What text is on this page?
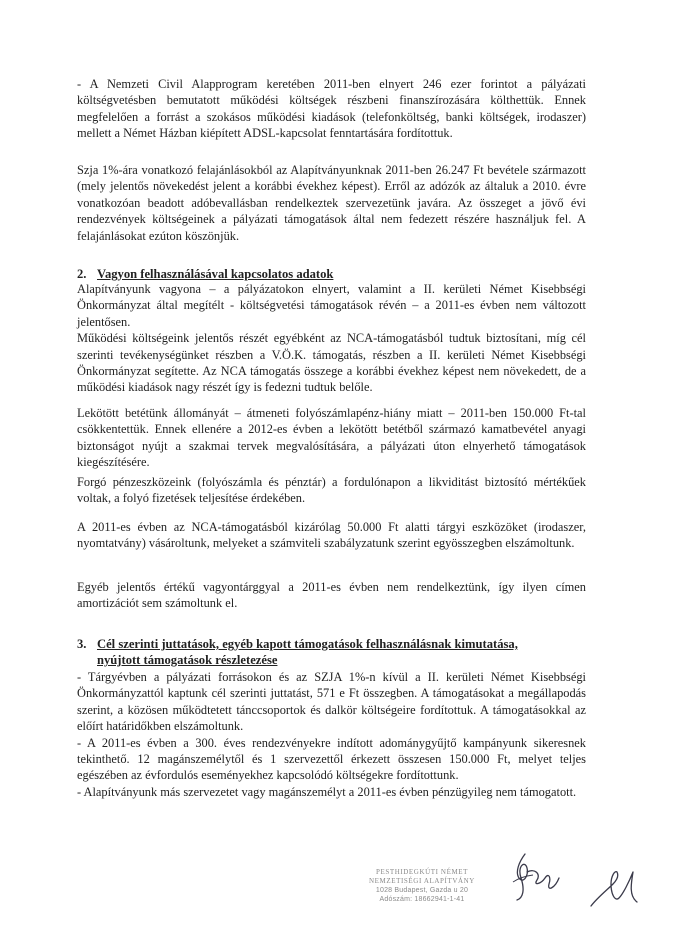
- A Nemzeti Civil Alapprogram keretében 2011-ben elnyert 246 ezer forintot a pályázati költségvetésben bemutatott működési költségek részbeni finanszírozására költhettük. Ennek megfelelően a forrást a szokásos működési kiadások (telefonköltség, banki költségek, irodaszer) mellett a Német Házban kiépített ADSL-kapcsolat fenntartására fordítottuk.

Szja 1%-ára vonatkozó felajánlásokból az Alapítványunknak 2011-ben 26.247 Ft bevétele származott (mely jelentős növekedést jelent a korábbi évekhez képest). Erről az adózók az általuk a 2010. évre vonatkozóan beadott adóbevallásban rendelkeztek szervezetünk javára. Az összeget a jövő évi rendezvények költségeinek a pályázati támogatások által nem fedezett részére használjuk fel. A felajánlásokat ezúton köszönjük.

2. Vagyon felhasználásával kapcsolatos adatok

Alapítványunk vagyona – a pályázatokon elnyert, valamint a II. kerületi Német Kisebbségi Önkormányzat által megítélt - költségvetési támogatások révén – a 2011-es évben nem változott jelentősen.

Működési költségeink jelentős részét egyébként az NCA-támogatásból tudtuk biztosítani, míg cél szerinti tevékenységünket részben a V.Ö.K. támogatás, részben a II. kerületi Német Kisebbségi Önkormányzat segítette. Az NCA támogatás összege a korábbi évekhez képest nem növekedett, de a működési kiadások nagy részét így is fedezni tudtuk belőle.

Lekötött betétünk állományát – átmeneti folyószámlapénz-hiány miatt – 2011-ben 150.000 Ft-tal csökkentettük. Ennek ellenére a 2012-es évben a lekötött betétből származó kamatbevétel anyagi biztonságot nyújt a szakmai tervek megvalósítására, a pályázati úton elnyerhető támogatások kiegészítésére.

Forgó pénzeszközeink (folyószámla és pénztár) a fordulónapon a likviditást biztosító mértékűek voltak, a folyó fizetések teljesítése érdekében.

A 2011-es évben az NCA-támogatásból kizárólag 50.000 Ft alatti tárgyi eszközöket (irodaszer, nyomtatvány) vásároltunk, melyeket a számviteli szabályzatunk szerint egyösszegben elszámoltunk.

Egyéb jelentős értékű vagyontárggyal a 2011-es évben nem rendelkeztünk, így ilyen címen amortizációt sem számoltunk el.

3. Cél szerinti juttatások, egyéb kapott támogatások felhasználásnak kimutatása,
nyújtott támogatások részletezése

- Tárgyévben a pályázati forrásokon és az SZJA 1%-n kívül a II. kerületi Német Kisebbségi Önkormányzattól kaptunk cél szerinti juttatást, 571 e Ft összegben. A támogatásokat a megállapodás szerint, a közösen működtetett tánccsoportok és dalkör költségeire fordítottuk. A támogatásokkal az előírt határidőkben elszámoltunk.

- A 2011-es évben a 300. éves rendezvényekre indított adománygyűjtő kampányunk sikeresnek tekinthető. 12 magánszemélytől és 1 szervezettől érkezett összesen 150.000 Ft, melyet teljes egészében az évfordulós eseményekhez kapcsolódó költségekre fordítottunk.

- Alapítványunk más szervezetet vagy magánszemélyt a 2011-es évben pénzügyileg nem támogatott.

PESTHIDEGKÚTI NÉMET
NEMZETISÉGI ALAPÍTVÁNY
1028 Budapest, Gazda u 20
Adószám: 18662941-1-41
